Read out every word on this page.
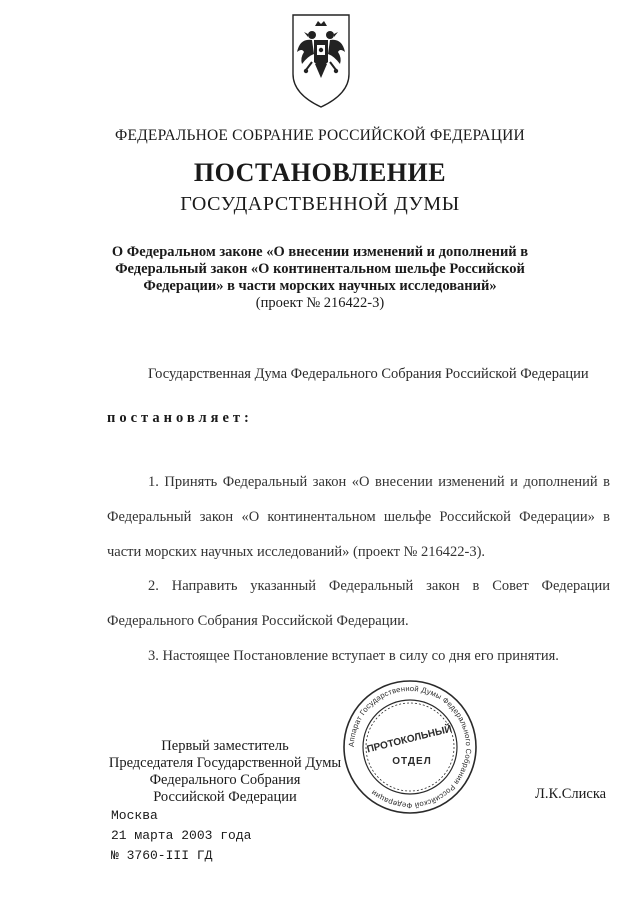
ФЕДЕРАЛЬНОЕ СОБРАНИЕ РОССИЙСКОЙ ФЕДЕРАЦИИ
ПОСТАНОВЛЕНИЕ
ГОСУДАРСТВЕННОЙ ДУМЫ
О Федеральном законе «О внесении изменений и дополнений в
Федеральный закон «О континентальном шельфе Российской
Федерации» в части морских научных исследований»
(проект № 216422-3)
Государственная Дума Федерального Собрания Российской Федерации
постановляет:
1. Принять Федеральный закон «О внесении изменений и дополнений в
Федеральный закон «О континентальном шельфе Российской Федерации» в
части морских научных исследований» (проект № 216422-3).
2. Направить указанный Федеральный закон в Совет Федерации
Федерального Собрания Российской Федерации.
3. Настоящее Постановление вступает в силу со дня его принятия.
Аппарат Государственной Думы Федерального Собрания Российской Федерации
ПРОТОКОЛЬНЫЙ
ОТДЕЛ
Первый заместитель
Председателя Государственной Думы
Федерального Собрания
Российской Федерации	Л.К.Слиска
Москва
21 марта 2003 года
№ 3760-III ГД
